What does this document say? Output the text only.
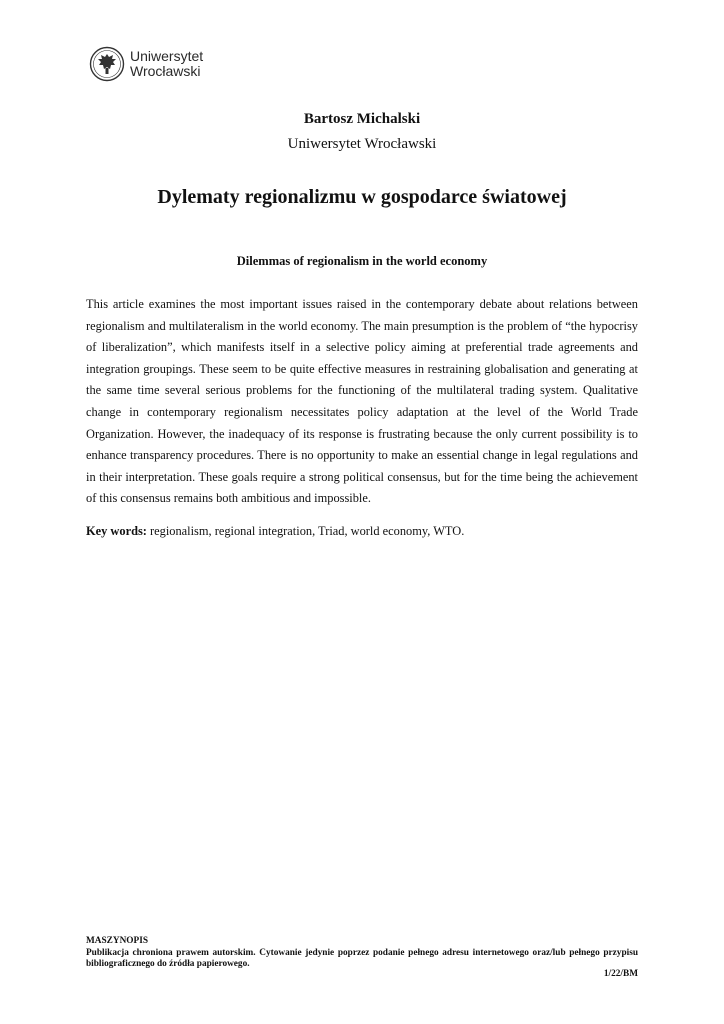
Uniwersytet
Wrocławski
Bartosz Michalski
Uniwersytet Wrocławski
Dylematy regionalizmu w gospodarce światowej
Dilemmas of regionalism in the world economy

This article examines the most important issues raised in the contemporary debate about relations between regionalism and multilateralism in the world economy. The main presumption is the problem of “the hypocrisy of liberalization”, which manifests itself in a selective policy aiming at preferential trade agreements and integration groupings. These seem to be quite effective measures in restraining globalisation and generating at the same time several serious problems for the functioning of the multilateral trading system. Qualitative change in contemporary regionalism necessitates policy adaptation at the level of the World Trade Organization. However, the inadequacy of its response is frustrating because the only current possibility is to enhance transparency procedures. There is no opportunity to make an essential change in legal regulations and in their interpretation. These goals require a strong political consensus, but for the time being the achievement of this consensus remains both ambitious and impossible.

Key words: regionalism, regional integration, Triad, world economy, WTO.

MASZYNOPIS
Publikacja chroniona prawem autorskim. Cytowanie jedynie poprzez podanie pełnego adresu internetowego oraz/lub pełnego przypisu bibliograficznego do źródła papierowego.
1/22/BM
